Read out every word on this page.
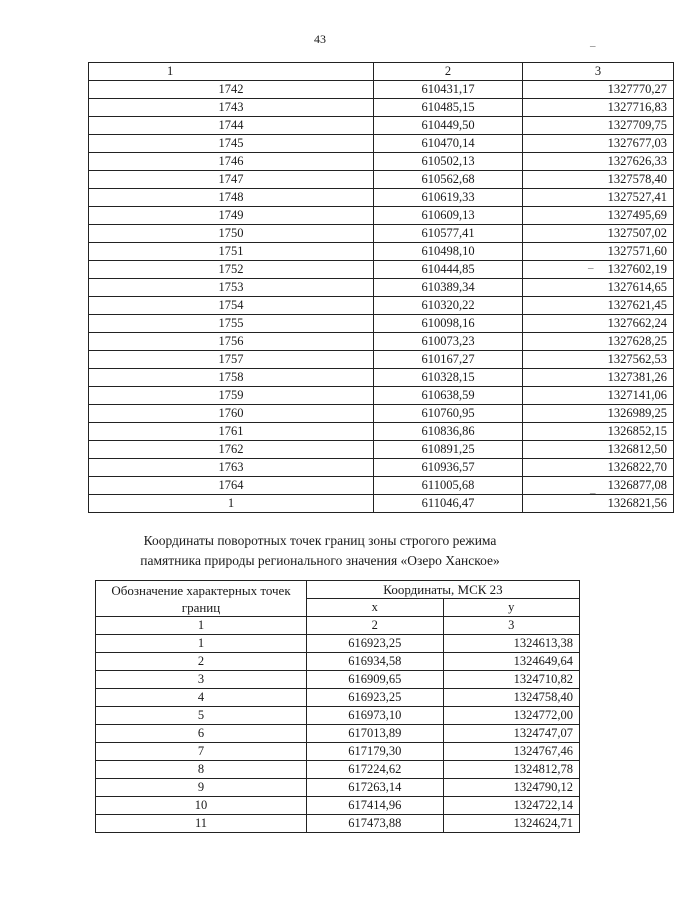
43
1	2	3
1742	610431,17	1327770,27
1743	610485,15	1327716,83
1744	610449,50	1327709,75
1745	610470,14	1327677,03
1746	610502,13	1327626,33
1747	610562,68	1327578,40
1748	610619,33	1327527,41
1749	610609,13	1327495,69
1750	610577,41	1327507,02
1751	610498,10	1327571,60
1752	610444,85	1327602,19
1753	610389,34	1327614,65
1754	610320,22	1327621,45
1755	610098,16	1327662,24
1756	610073,23	1327628,25
1757	610167,27	1327562,53
1758	610328,15	1327381,26
1759	610638,59	1327141,06
1760	610760,95	1326989,25
1761	610836,86	1326852,15
1762	610891,25	1326812,50
1763	610936,57	1326822,70
1764	611005,68	1326877,08
1	611046,47	1326821,56
Координаты поворотных точек границ зоны строгого режима
памятника природы регионального значения «Озеро Ханское»
Обозначение характерных точек границ	Координаты, МСК 23	
	x	y
1	2	3
1	616923,25	1324613,38
2	616934,58	1324649,64
3	616909,65	1324710,82
4	616923,25	1324758,40
5	616973,10	1324772,00
6	617013,89	1324747,07
7	617179,30	1324767,46
8	617224,62	1324812,78
9	617263,14	1324790,12
10	617414,96	1324722,14
11	617473,88	1324624,71
–
–
–
